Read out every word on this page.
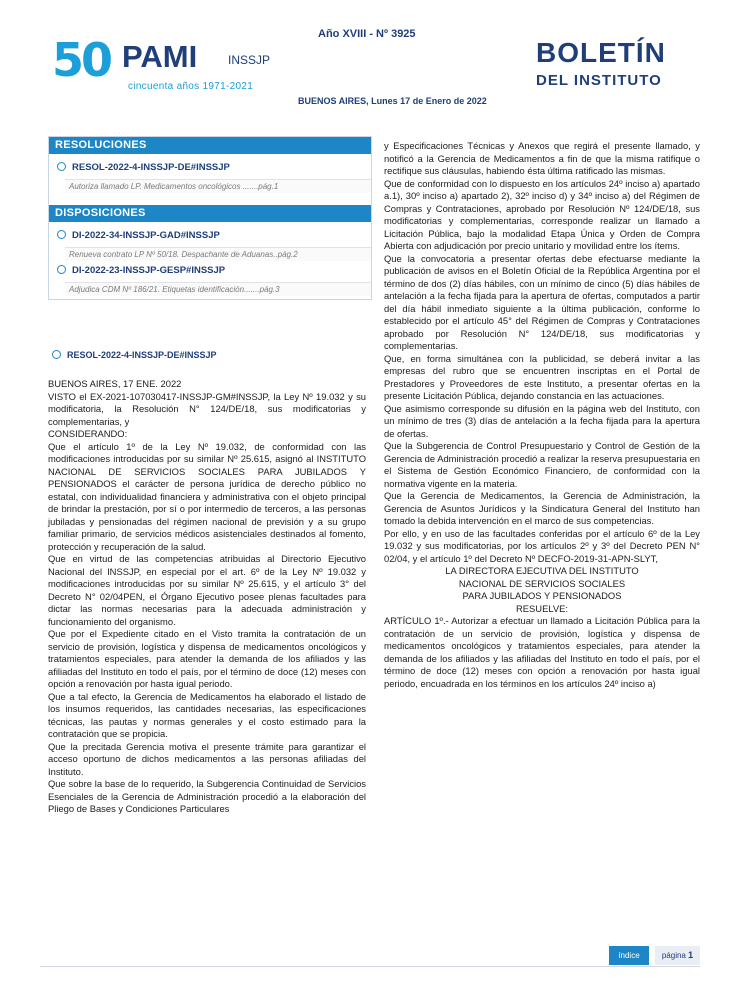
50 PAMI	INSSJP
cincuenta años 1971-2021
Año XVIII - Nº 3925
BUENOS AIRES, Lunes 17 de Enero de 2022
BOLETÍN
DEL INSTITUTO
RESOLUCIONES
RESOL-2022-4-INSSJP-DE#INSSJP
Autoriza llamado LP. Medicamentos oncológicos .......pág.1
DISPOSICIONES
DI-2022-34-INSSJP-GAD#INSSJP
Renueva contrato LP Nº 50/18. Despachante de Aduanas..pág.2
DI-2022-23-INSSJP-GESP#INSSJP
Adjudica CDM Nº 186/21. Etiquetas identificación.......pág.3
RESOL-2022-4-INSSJP-DE#INSSJP

BUENOS AIRES, 17 ENE. 2022

VISTO el EX-2021-107030417-INSSJP-GM#INSSJP, la Ley Nº 19.032 y su modificatoria, la Resolución N° 124/DE/18, sus modificatorias y complementarias, y

CONSIDERANDO:

Que el artículo 1º de la Ley Nº 19.032, de conformidad con las modificaciones introducidas por su similar Nº 25.615, asignó al INSTITUTO NACIONAL DE SERVICIOS SOCIALES PARA JUBILADOS Y PENSIONADOS el carácter de persona jurídica de derecho público no estatal, con individualidad financiera y administrativa con el objeto principal de brindar la prestación, por sí o por intermedio de terceros, a las personas jubiladas y pensionadas del régimen nacional de previsión y a su grupo familiar primario, de servicios médicos asistenciales destinados al fomento, protección y recuperación de la salud.

Que en virtud de las competencias atribuidas al Directorio Ejecutivo Nacional del INSSJP, en especial por el art. 6º de la Ley Nº 19.032 y modificaciones introducidas por su similar Nº 25.615, y el artículo 3° del Decreto N° 02/04PEN, el Órgano Ejecutivo posee plenas facultades para dictar las normas necesarias para la adecuada administración y funcionamiento del organismo.

Que por el Expediente citado en el Visto tramita la contratación de un servicio de provisión, logística y dispensa de medicamentos oncológicos y tratamientos especiales, para atender la demanda de los afiliados y las afiliadas del Instituto en todo el país, por el término de doce (12) meses con opción a renovación por hasta igual periodo.

Que a tal efecto, la Gerencia de Medicamentos ha elaborado el listado de los insumos requeridos, las cantidades necesarias, las especificaciones técnicas, las pautas y normas generales y el costo estimado para la contratación que se propicia.

Que la precitada Gerencia motiva el presente trámite para garantizar el acceso oportuno de dichos medicamentos a las personas afiliadas del Instituto.

Que sobre la base de lo requerido, la Subgerencia Continuidad de Servicios Esenciales de la Gerencia de Administración procedió a la elaboración del Pliego de Bases y Condiciones Particulares

y Especificaciones Técnicas y Anexos que regirá el presente llamado, y notificó a la Gerencia de Medicamentos a fin de que la misma ratifique o rectifique sus cláusulas, habiendo ésta última ratificado las mismas.

Que de conformidad con lo dispuesto en los artículos 24º inciso a) apartado a.1), 30º inciso a) apartado 2), 32º inciso d) y 34º inciso a) del Régimen de Compras y Contrataciones, aprobado por Resolución Nº 124/DE/18, sus modificatorias y complementarias, corresponde realizar un llamado a Licitación Pública, bajo la modalidad Etapa Única y Orden de Compra Abierta con adjudicación por precio unitario y movilidad entre los ítems.

Que la convocatoria a presentar ofertas debe efectuarse mediante la publicación de avisos en el Boletín Oficial de la República Argentina por el término de dos (2) días hábiles, con un mínimo de cinco (5) días hábiles de antelación a la fecha fijada para la apertura de ofertas, computados a partir del día hábil inmediato siguiente a la última publicación, conforme lo establecido por el artículo 45° del Régimen de Compras y Contrataciones aprobado por Resolución N° 124/DE/18, sus modificatorias y complementarias.

Que, en forma simultánea con la publicidad, se deberá invitar a las empresas del rubro que se encuentren inscriptas en el Portal de Prestadores y Proveedores de este Instituto, a presentar ofertas en la presente Licitación Pública, dejando constancia en las actuaciones.

Que asimismo corresponde su difusión en la página web del Instituto, con un mínimo de tres (3) días de antelación a la fecha fijada para la apertura de ofertas.

Que la Subgerencia de Control Presupuestario y Control de Gestión de la Gerencia de Administración procedió a realizar la reserva presupuestaria en el Sistema de Gestión Económico Financiero, de conformidad con la normativa vigente en la materia.

Que la Gerencia de Medicamentos, la Gerencia de Administración, la Gerencia de Asuntos Jurídicos y la Sindicatura General del Instituto han tomado la debida intervención en el marco de sus competencias.

Por ello, y en uso de las facultades conferidas por el artículo 6º de la Ley 19.032 y sus modificatorias, por los artículos 2º y 3º del Decreto PEN N° 02/04, y el artículo 1º del Decreto Nº DECFO-2019-31-APN-SLYT,

LA DIRECTORA EJECUTIVA DEL INSTITUTO

NACIONAL DE SERVICIOS SOCIALES

PARA JUBILADOS Y PENSIONADOS

RESUELVE:

ARTÍCULO 1º.- Autorizar a efectuar un llamado a Licitación Pública para la contratación de un servicio de provisión, logística y dispensa de medicamentos oncológicos y tratamientos especiales, para atender la demanda de los afiliados y las afiliadas del Instituto en todo el país, por el término de doce (12) meses con opción a renovación por hasta igual periodo, encuadrada en los términos en los artículos 24º inciso a)

índice	página 1
